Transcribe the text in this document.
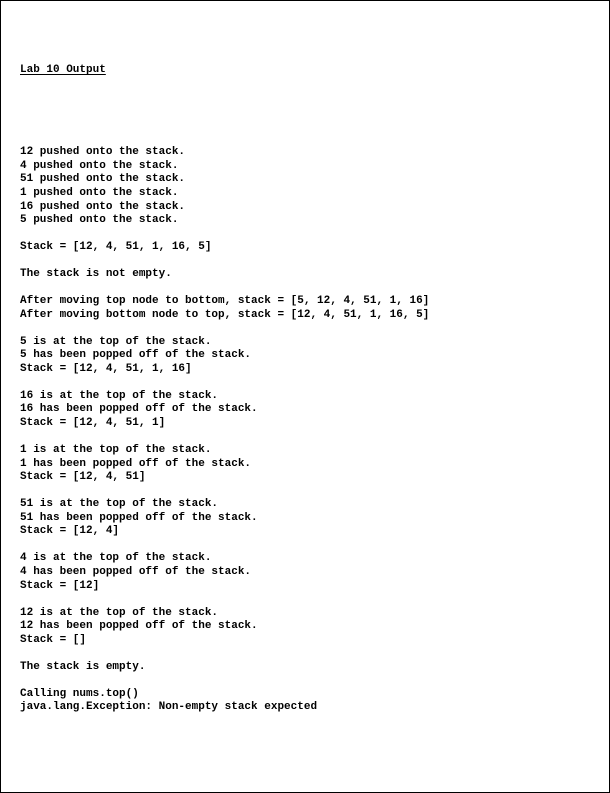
Lab 10 Output

12 pushed onto the stack.
4 pushed onto the stack.
51 pushed onto the stack.
1 pushed onto the stack.
16 pushed onto the stack.
5 pushed onto the stack.
Stack = [12, 4, 51, 1, 16, 5]
The stack is not empty.
After moving top node to bottom, stack = [5, 12, 4, 51, 1, 16]
After moving bottom node to top, stack = [12, 4, 51, 1, 16, 5]
5 is at the top of the stack.
5 has been popped off of the stack.
Stack = [12, 4, 51, 1, 16]
16 is at the top of the stack.
16 has been popped off of the stack.
Stack = [12, 4, 51, 1]
1 is at the top of the stack.
1 has been popped off of the stack.
Stack = [12, 4, 51]
51 is at the top of the stack.
51 has been popped off of the stack.
Stack = [12, 4]
4 is at the top of the stack.
4 has been popped off of the stack.
Stack = [12]
12 is at the top of the stack.
12 has been popped off of the stack.
Stack = []
The stack is empty.
Calling nums.top()
java.lang.Exception: Non-empty stack expected
